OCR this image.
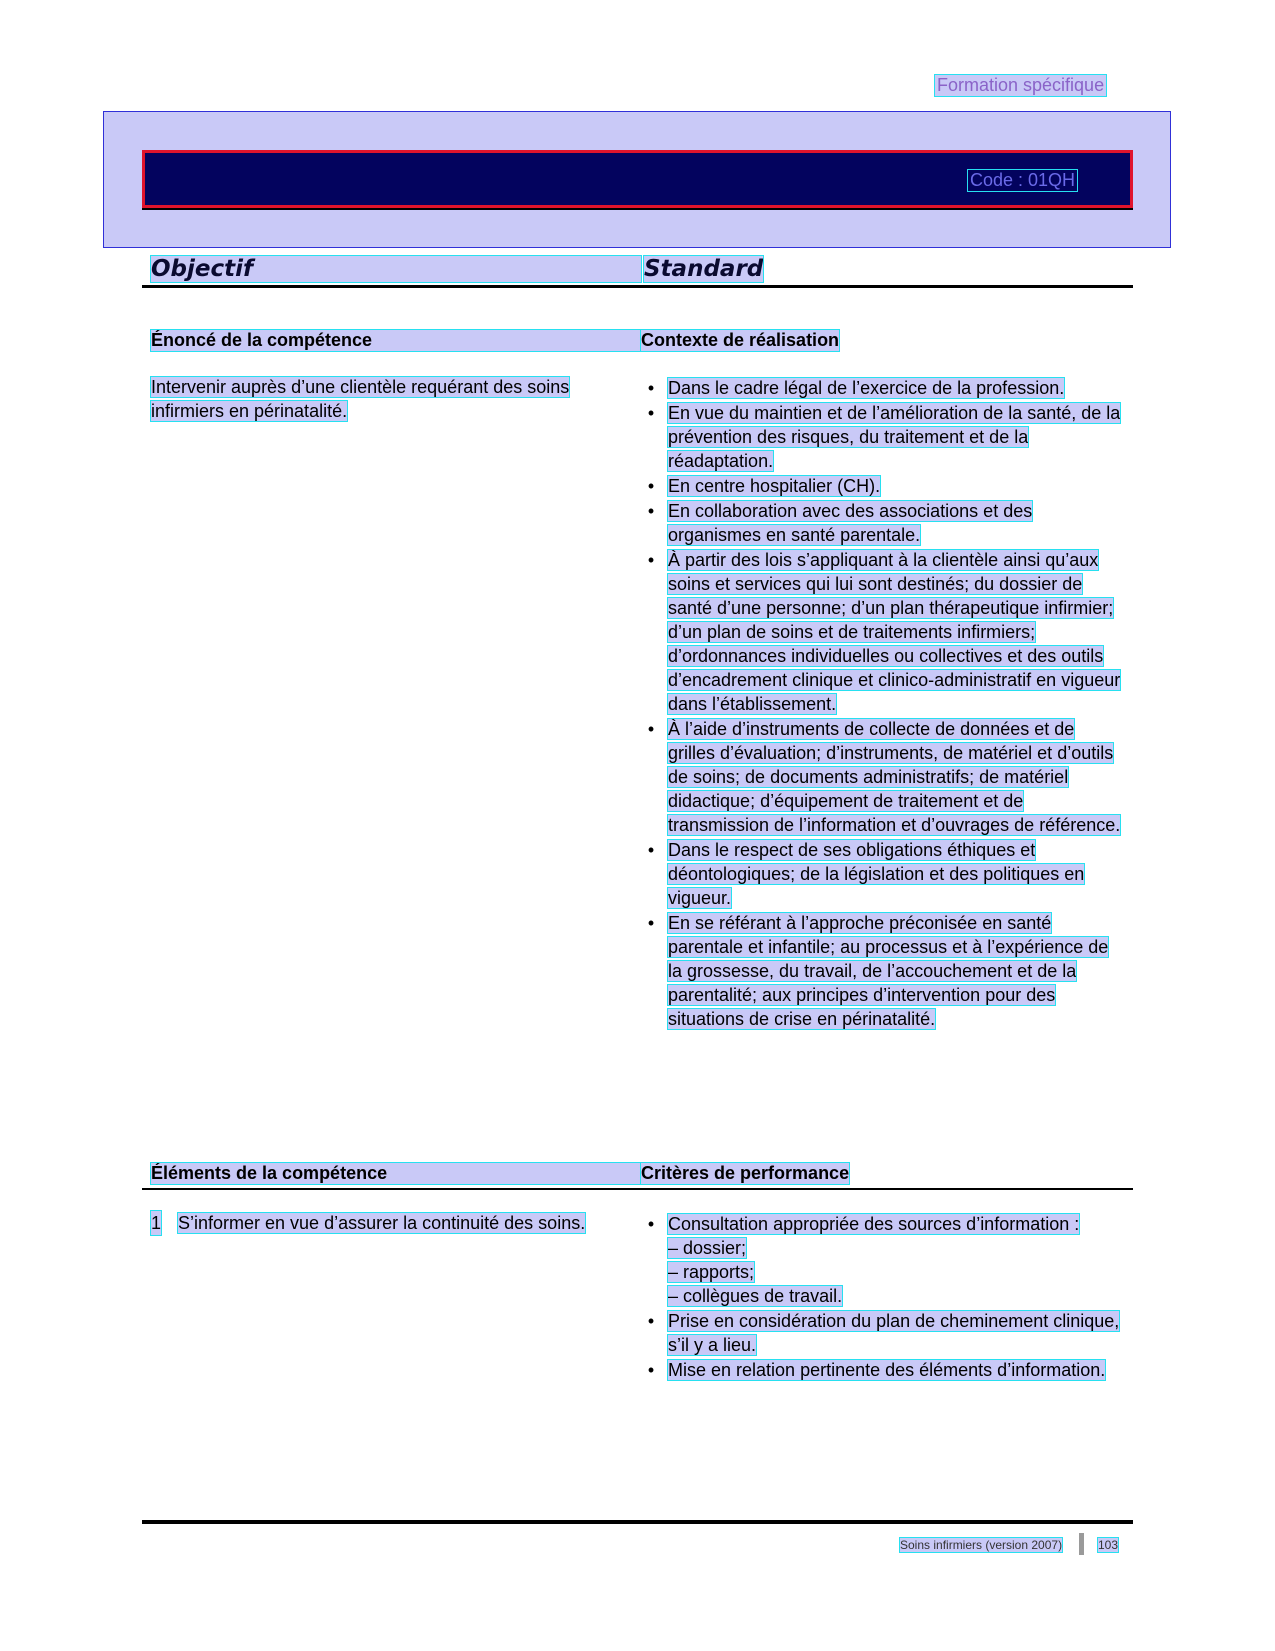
Formation spécifique
Code : 01QH
Objectif	Standard
Énoncé de la compétence	Contexte de réalisation
Intervenir auprès d’une clientèle requérant des soins infirmiers en périnatalité.
• Dans le cadre légal de l’exercice de la profession.
• En vue du maintien et de l’amélioration de la santé, de la prévention des risques, du traitement et de la réadaptation.
• En centre hospitalier (CH).
• En collaboration avec des associations et des organismes en santé parentale.
• À partir des lois s’appliquant à la clientèle ainsi qu’aux soins et services qui lui sont destinés; du dossier de santé d’une personne; d’un plan thérapeutique infirmier; d’un plan de soins et de traitements infirmiers; d’ordonnances individuelles ou collectives et des outils d’encadrement clinique et clinico-administratif en vigueur dans l’établissement.
• À l’aide d’instruments de collecte de données et de grilles d’évaluation; d’instruments, de matériel et d’outils de soins; de documents administratifs; de matériel didactique; d’équipement de traitement et de transmission de l’information et d’ouvrages de référence.
• Dans le respect de ses obligations éthiques et déontologiques; de la législation et des politiques en vigueur.
• En se référant à l’approche préconisée en santé parentale et infantile; au processus et à l’expérience de la grossesse, du travail, de l’accouchement et de la parentalité; aux principes d’intervention pour des situations de crise en périnatalité.
Éléments de la compétence	Critères de performance
1 S’informer en vue d’assurer la continuité des soins.	• Consultation appropriée des sources d’information :
– dossier;
– rapports;
– collègues de travail.
• Prise en considération du plan de cheminement clinique, s’il y a lieu.
• Mise en relation pertinente des éléments d’information.
Soins infirmiers (version 2007)	103
